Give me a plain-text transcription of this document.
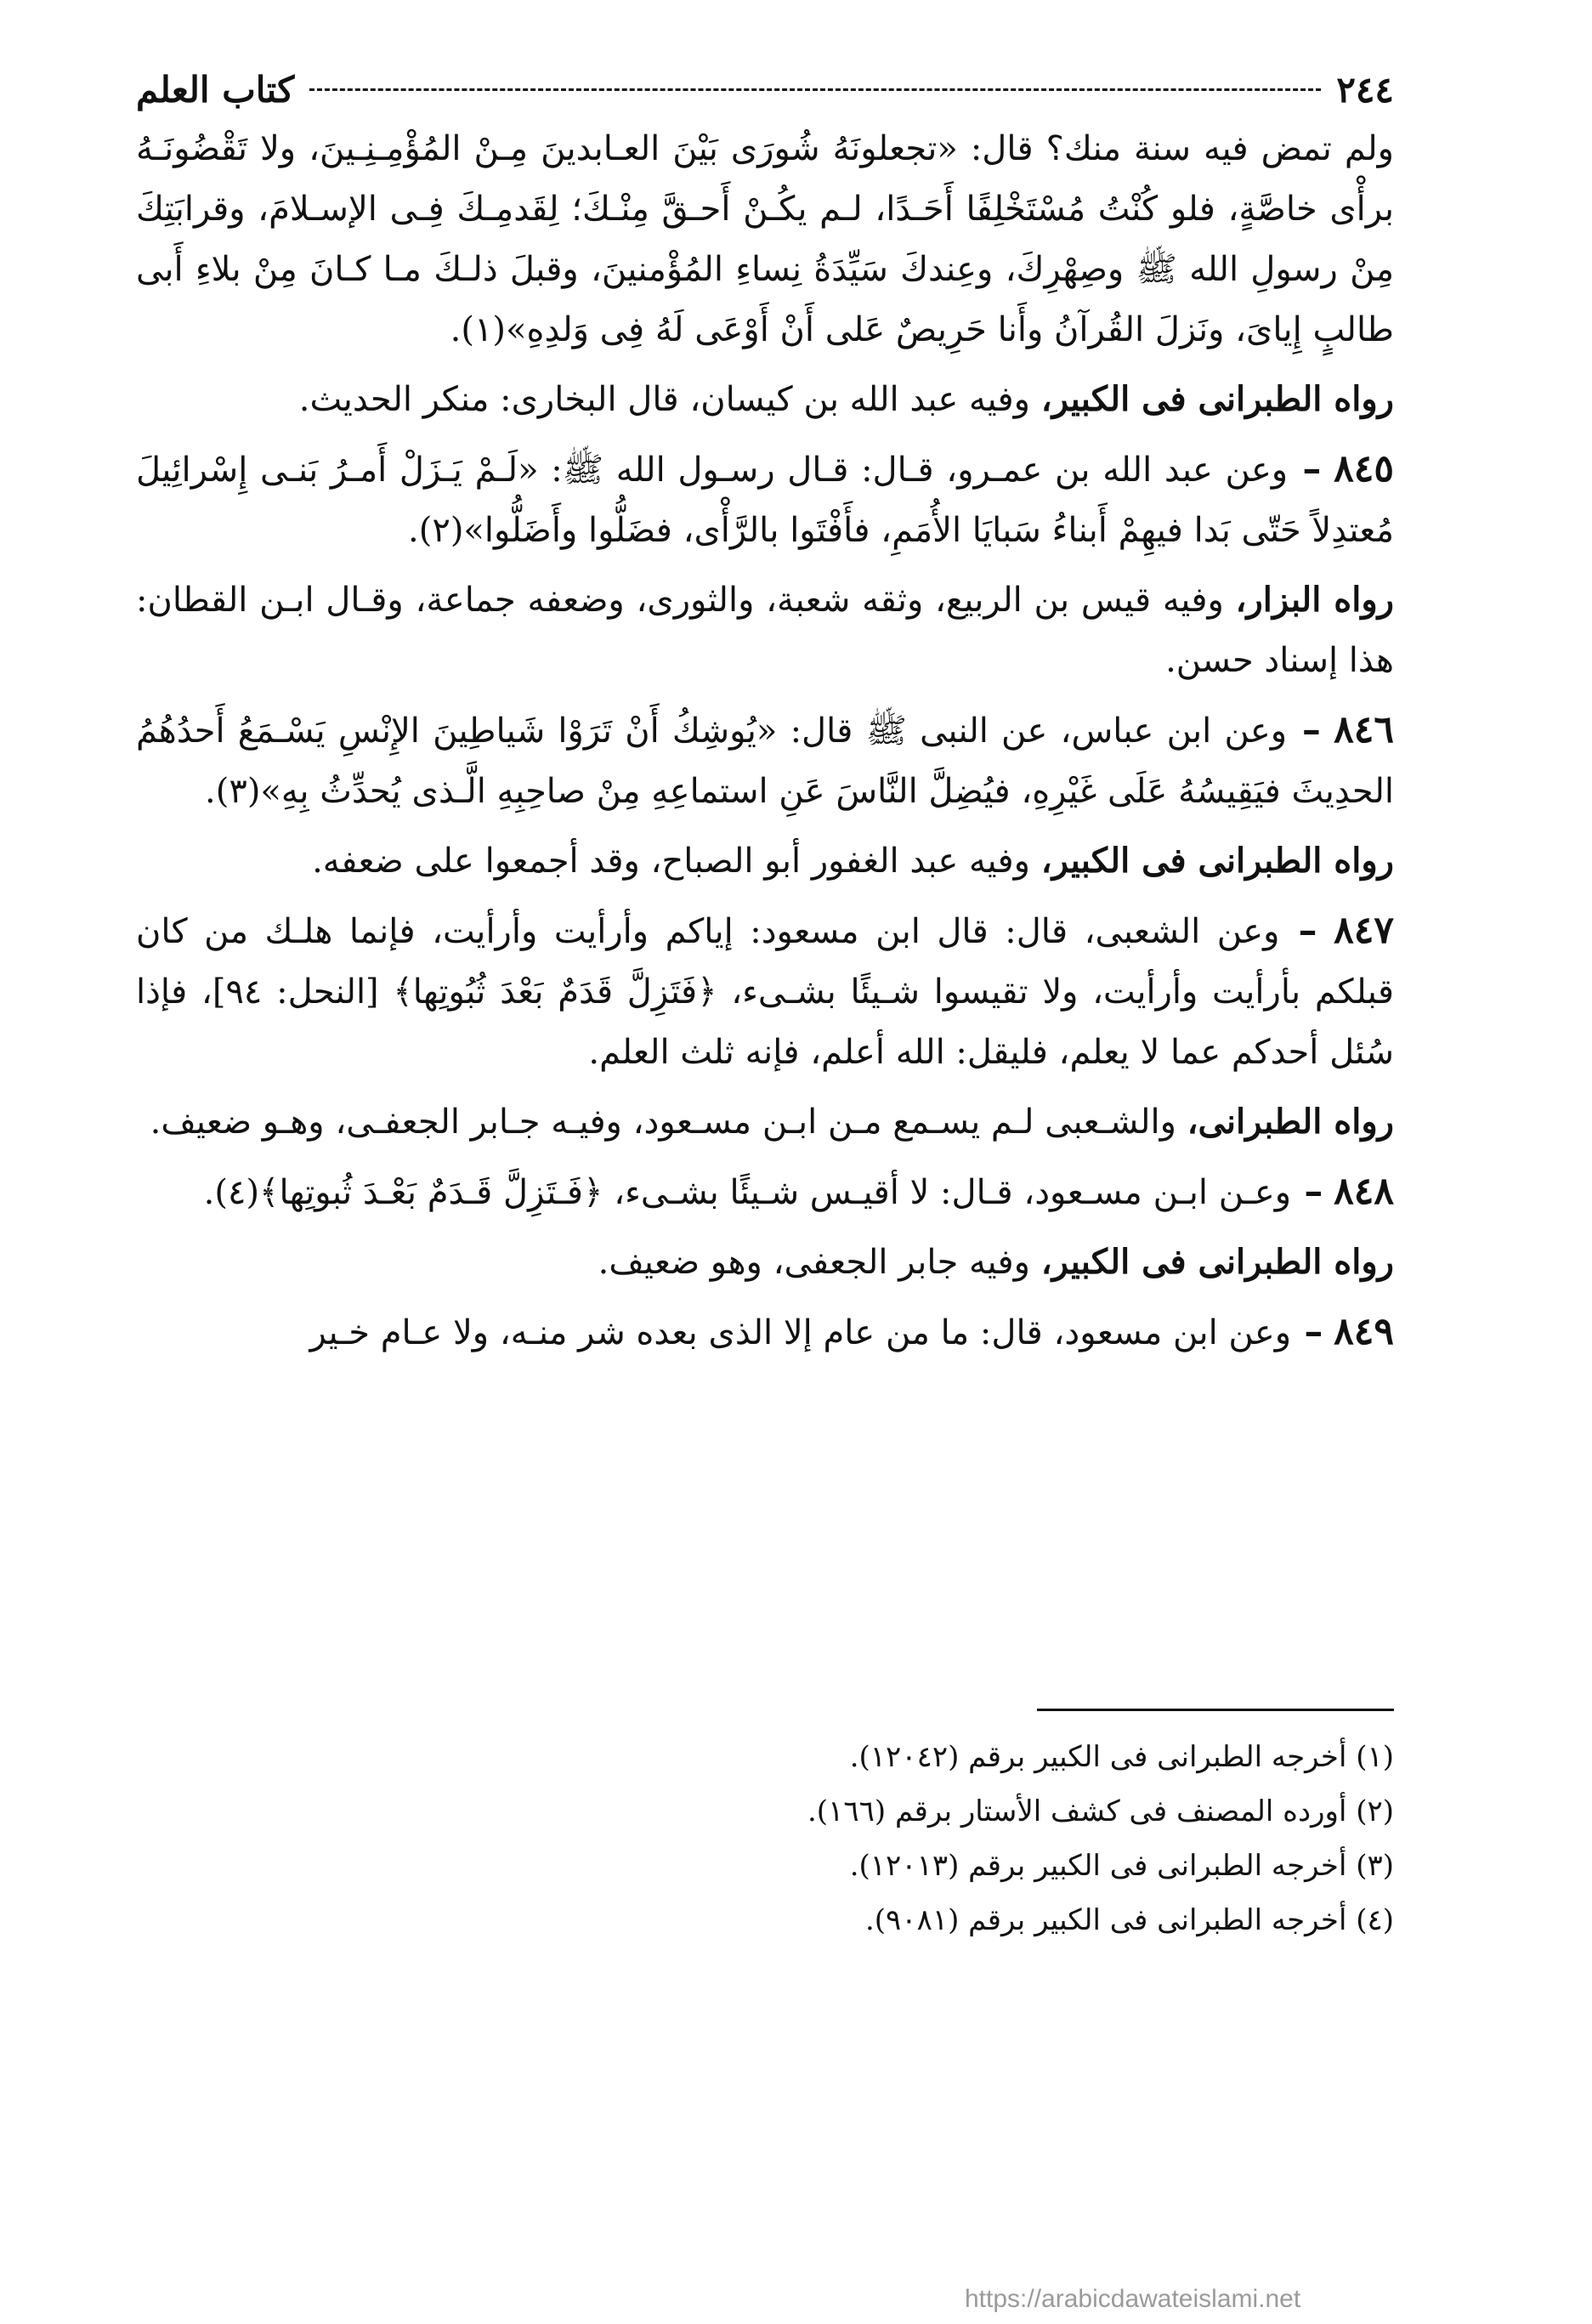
٢٤٤
كتاب العلم

ولم تمض فيه سنة منك؟ قال: «تجعلونَهُ شُورَى بَيْنَ العـابدينَ مِـنْ المُؤْمِـنِـينَ، ولا تَقْضُونَـهُ برأْى خاصَّةٍ، فلو كُنْتُ مُسْتَخْلِفًا أَحَـدًا، لـم يكُـنْ أَحـقَّ مِنْـكَ؛ لِقَدمِـكَ فِـى الإسـلامَ، وقرابَتِكَ مِنْ رسولِ الله ﷺ وصِهْرِكَ، وعِندكَ سَيِّدَةُ نِساءِ المُؤْمنينَ، وقبلَ ذلـكَ مـا كـانَ مِنْ بلاءِ أَبى طالبٍ إِيایَ، ونَزلَ القُرآنُ وأَنا حَرِيصٌ عَلى أَنْ أَوْعَى لَهُ فِى وَلدِهِ»(١).

رواه الطبرانى فى الكبير، وفيه عبد الله بن كيسان، قال البخارى: منكر الحديث.

٨٤٥ – وعن عبد الله بن عمـرو، قـال: قـال رسـول الله ﷺ: «لَـمْ يَـزَلْ أَمـرُ بَنـى إِسْرائِيلَ مُعتدِلاً حَتّى بَدا فيهِمْ أَبناءُ سَبايَا الأُمَمِ، فأَفْتَوا بالرَّأْى، فضَلُّوا وأَضَلُّوا»(٢).

رواه البزار، وفيه قيس بن الربيع، وثقه شعبة، والثورى، وضعفه جماعة، وقـال ابـن القطان: هذا إسناد حسن.

٨٤٦ – وعن ابن عباس، عن النبى ﷺ قال: «يُوشِكُ أَنْ تَرَوْا شَياطِينَ الإِنْسِ يَسْـمَعُ أَحدُهُمُ الحدِيثَ فيَقِيسُهُ عَلَى غَيْرِهِ، فيُضِلَّ النَّاسَ عَنِ استماعِهِ مِنْ صاحِبِهِ الَّـذى يُحدِّثُ بِهِ»(٣).

رواه الطبرانى فى الكبير، وفيه عبد الغفور أبو الصباح، وقد أجمعوا على ضعفه.

٨٤٧ – وعن الشعبى، قال: قال ابن مسعود: إياكم وأرأيت وأرأيت، فإنما هلـك من كان قبلكم بأرأيت وأرأيت، ولا تقيسوا شـيئًا بشـىء، ﴿فَتَزِلَّ قَدَمٌ بَعْدَ ثُبُوتِها﴾ [النحل: ٩٤]، فإذا سُئل أحدكم عما لا يعلم، فليقل: الله أعلم، فإنه ثلث العلم.

رواه الطبرانى، والشـعبى لـم يسـمع مـن ابـن مسـعود، وفيـه جـابر الجعفـى، وهـو ضعيف.

٨٤٨ – وعـن ابـن مسـعود، قـال: لا أقيـس شـيئًا بشـىء، ﴿فَـتَزِلَّ قَـدَمٌ بَعْـدَ ثُبوتِها﴾(٤).

رواه الطبرانى فى الكبير، وفيه جابر الجعفى، وهو ضعيف.

٨٤٩ – وعن ابن مسعود، قال: ما من عام إلا الذى بعده شر منـه، ولا عـام خـير

(١) أخرجه الطبرانى فى الكبير برقم (١٢٠٤٢).
(٢) أورده المصنف فى كشف الأستار برقم (١٦٦).
(٣) أخرجه الطبرانى فى الكبير برقم (١٢٠١٣).
(٤) أخرجه الطبرانى فى الكبير برقم (٩٠٨١).
https://arabicdawateislami.net
